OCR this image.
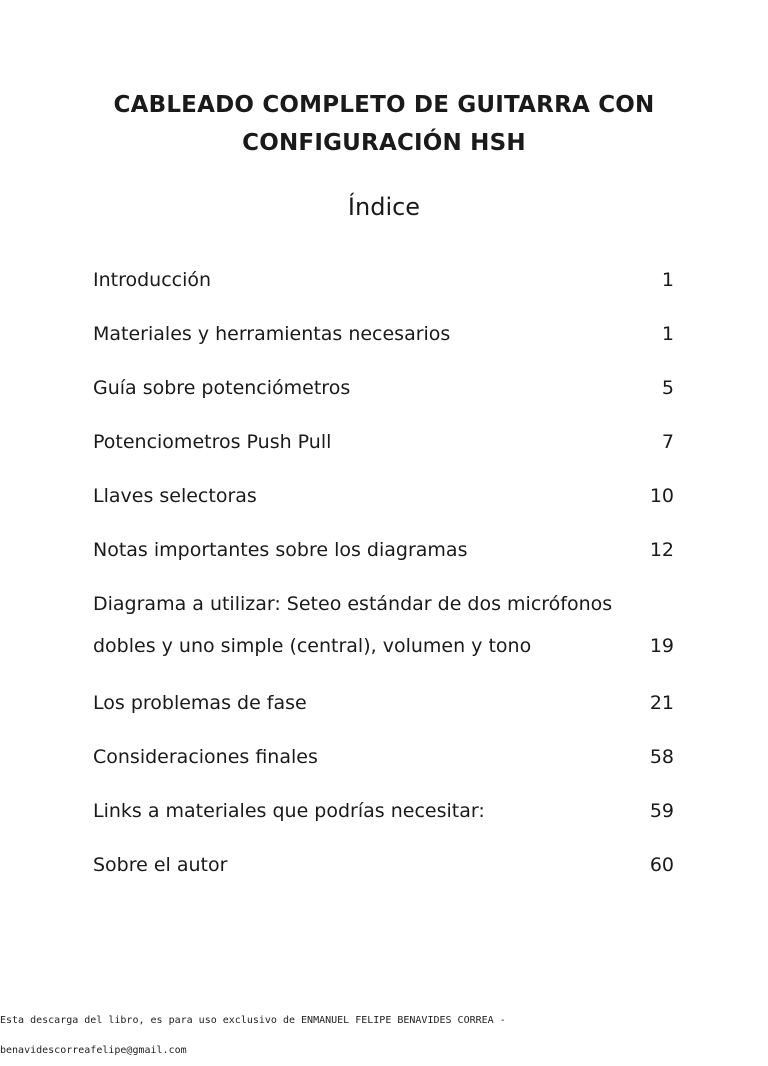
CABLEADO COMPLETO DE GUITARRA CON
CONFIGURACIÓN HSH
Índice
Introducción	1
Materiales y herramientas necesarios	1
Guía sobre potenciómetros	5
Potenciometros Push Pull	7
Llaves selectoras	10
Notas importantes sobre los diagramas	12
Diagrama a utilizar: Seteo estándar de dos micrófonos dobles y uno simple (central), volumen y tono	19
Los problemas de fase	21
Consideraciones finales	58
Links a materiales que podrías necesitar:	59
Sobre el autor	60

Esta descarga del libro, es para uso exclusivo de ENMANUEL FELIPE BENAVIDES CORREA -

benavidescorreafelipe@gmail.com
